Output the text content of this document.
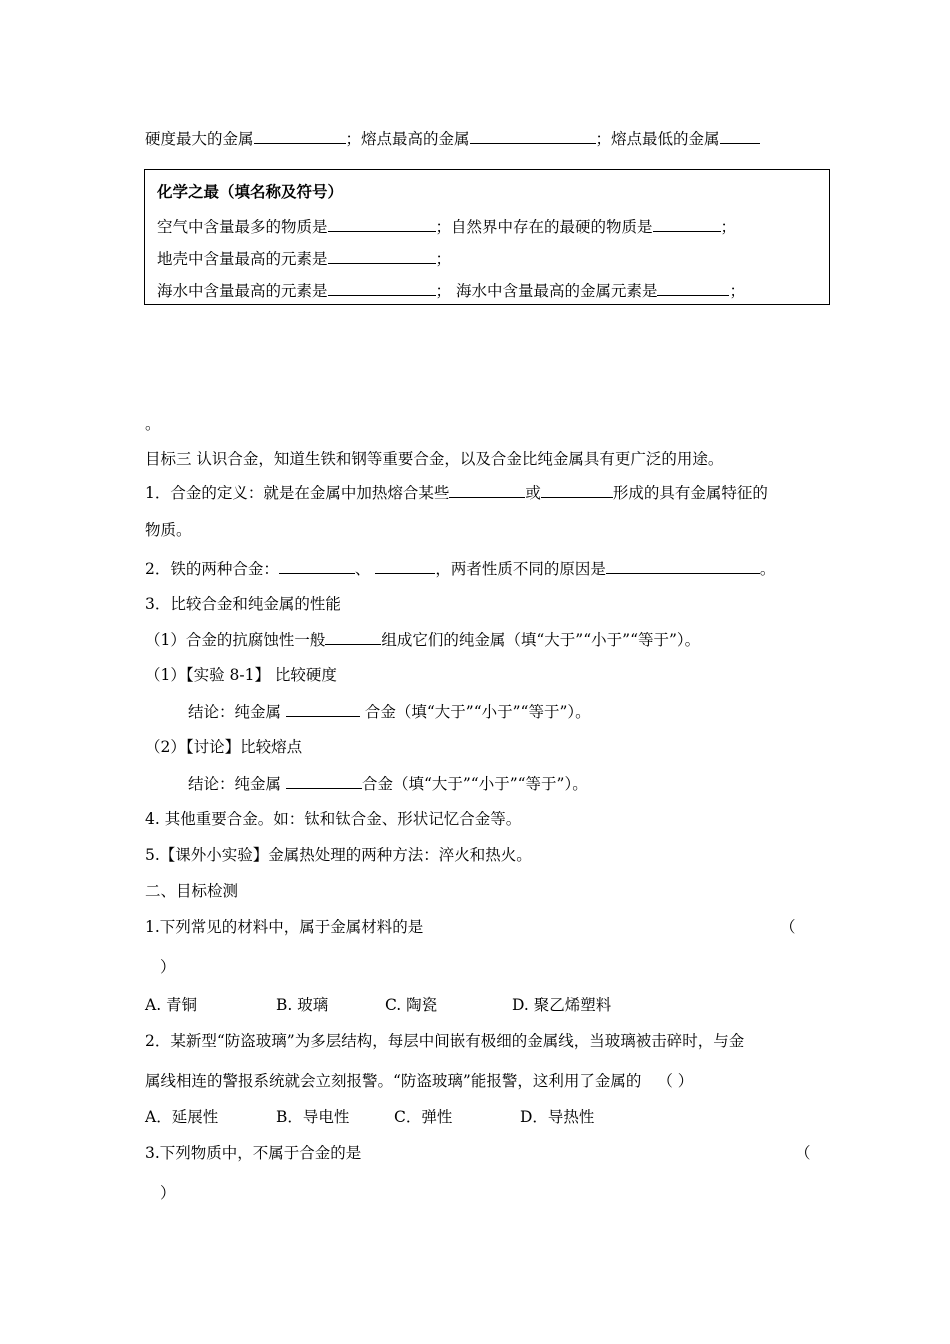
硬度最大的金属	；熔点最高的金属	；熔点最低的金属
化学之最（填名称及符号）
空气中含量最多的物质是	；自然界中存在的最硬的物质是	；
地壳中含量最高的元素是	；
海水中含量最高的元素是	； 海水中含量最高的金属元素是	；
。
目标三 认识合金，知道生铁和钢等重要合金，以及合金比纯金属具有更广泛的用途。
1．合金的定义：就是在金属中加热熔合某些	或	形成的具有金属特征的
物质。
2．铁的两种合金：	、	，两者性质不同的原因是	。
3．比较合金和纯金属的性能
（1）合金的抗腐蚀性一般	组成它们的纯金属（填“大于”“小于”“等于”）。
（1）【实验 8-1】 比较硬度
结论：纯金属	合金（填“大于”“小于”“等于”）。
（2）【讨论】比较熔点
结论：纯金属	合金（填“大于”“小于”“等于”）。
4. 其他重要合金。如：钛和钛合金、形状记忆合金等。
5.【课外小实验】金属热处理的两种方法：淬火和热火。
二、目标检测
1.下列常见的材料中，属于金属材料的是	（
）
A. 青铜	B. 玻璃	C. 陶瓷	D. 聚乙烯塑料
2．某新型“防盗玻璃”为多层结构，每层中间嵌有极细的金属线，当玻璃被击碎时，与金
属线相连的警报系统就会立刻报警。“防盗玻璃”能报警，这利用了金属的 （ ）
A．延展性	B．导电性	C．弹性	D．导热性
3.下列物质中，不属于合金的是	（
）
